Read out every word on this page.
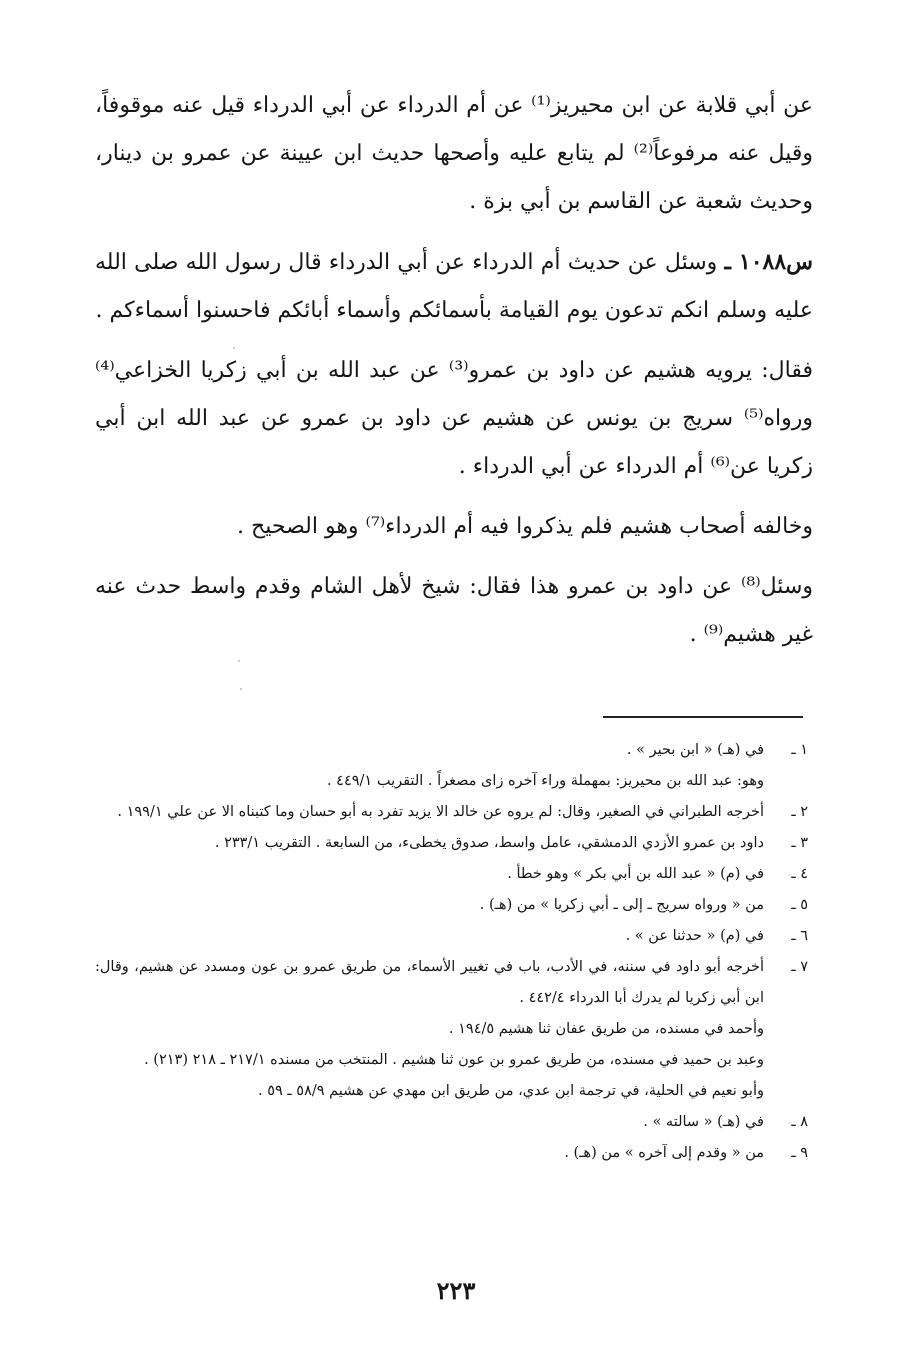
عن أبي قلابة عن ابن محيريز⁽¹⁾ عن أم الدرداء عن أبي الدرداء قيل عنه موقوفاً، وقيل عنه مرفوعاً⁽²⁾ لم يتابع عليه وأصحها حديث ابن عيينة عن عمرو بن دينار، وحديث شعبة عن القاسم بن أبي بزة .

س١٠٨٨ ـ وسئل عن حديث أم الدرداء عن أبي الدرداء قال رسول الله صلى الله عليه وسلم انكم تدعون يوم القيامة بأسمائكم وأسماء أبائكم فاحسنوا أسماءكم .

فقال: يرويه هشيم عن داود بن عمرو⁽³⁾ عن عبد الله بن أبي زكريا الخزاعي⁽⁴⁾ ورواه⁽⁵⁾ سريج بن يونس عن هشيم عن داود بن عمرو عن عبد الله ابن أبي زكريا عن⁽⁶⁾ أم الدرداء عن أبي الدرداء .

وخالفه أصحاب هشيم فلم يذكروا فيه أم الدرداء⁽⁷⁾ وهو الصحيح .

وسئل⁽⁸⁾ عن داود بن عمرو هذا فقال: شيخ لأهل الشام وقدم واسط حدث عنه غير هشيم⁽⁹⁾ .

١ ـ
في (هـ) « ابن بحير » .
وهو: عبد الله بن محيريز: بمهملة وراء آخره زاى مصغراً . التقريب ٤٤٩/١ .
٢ ـ
أخرجه الطبراني في الصغير، وقال: لم يروه عن خالد الا يزيد تفرد به أبو حسان وما كتبناه الا عن علي ١٩٩/١ .
٣ ـ
داود بن عمرو الأزدي الدمشقي، عامل واسط، صدوق يخطىء، من السابعة . التقريب ٢٣٣/١ .
٤ ـ
في (م) « عبد الله بن أبي بكر » وهو خطأ .
٥ ـ
من « ورواه سريج ـ إلى ـ أبي زكريا » من (هـ) .
٦ ـ
في (م) « حدثنا عن » .
٧ ـ
أخرجه أبو داود في سننه، في الأدب، باب في تغيير الأسماء، من طريق عمرو بن عون ومسدد عن هشيم، وقال: ابن أبي زكريا لم يدرك أبا الدرداء ٤٤٢/٤ .
وأحمد في مسنده، من طريق عفان ثنا هشيم ١٩٤/٥ .
وعبد بن حميد في مسنده، من طريق عمرو بن عون ثنا هشيم . المنتخب من مسنده ٢١٧/١ ـ ٢١٨ (٢١٣) .
وأبو نعيم في الحلية، في ترجمة ابن عدي، من طريق ابن مهدي عن هشيم ٥٨/٩ ـ ٥٩ .
٨ ـ
في (هـ) « سالته » .
٩ ـ
من « وقدم إلى آخره » من (هـ) .
٢٢٣
